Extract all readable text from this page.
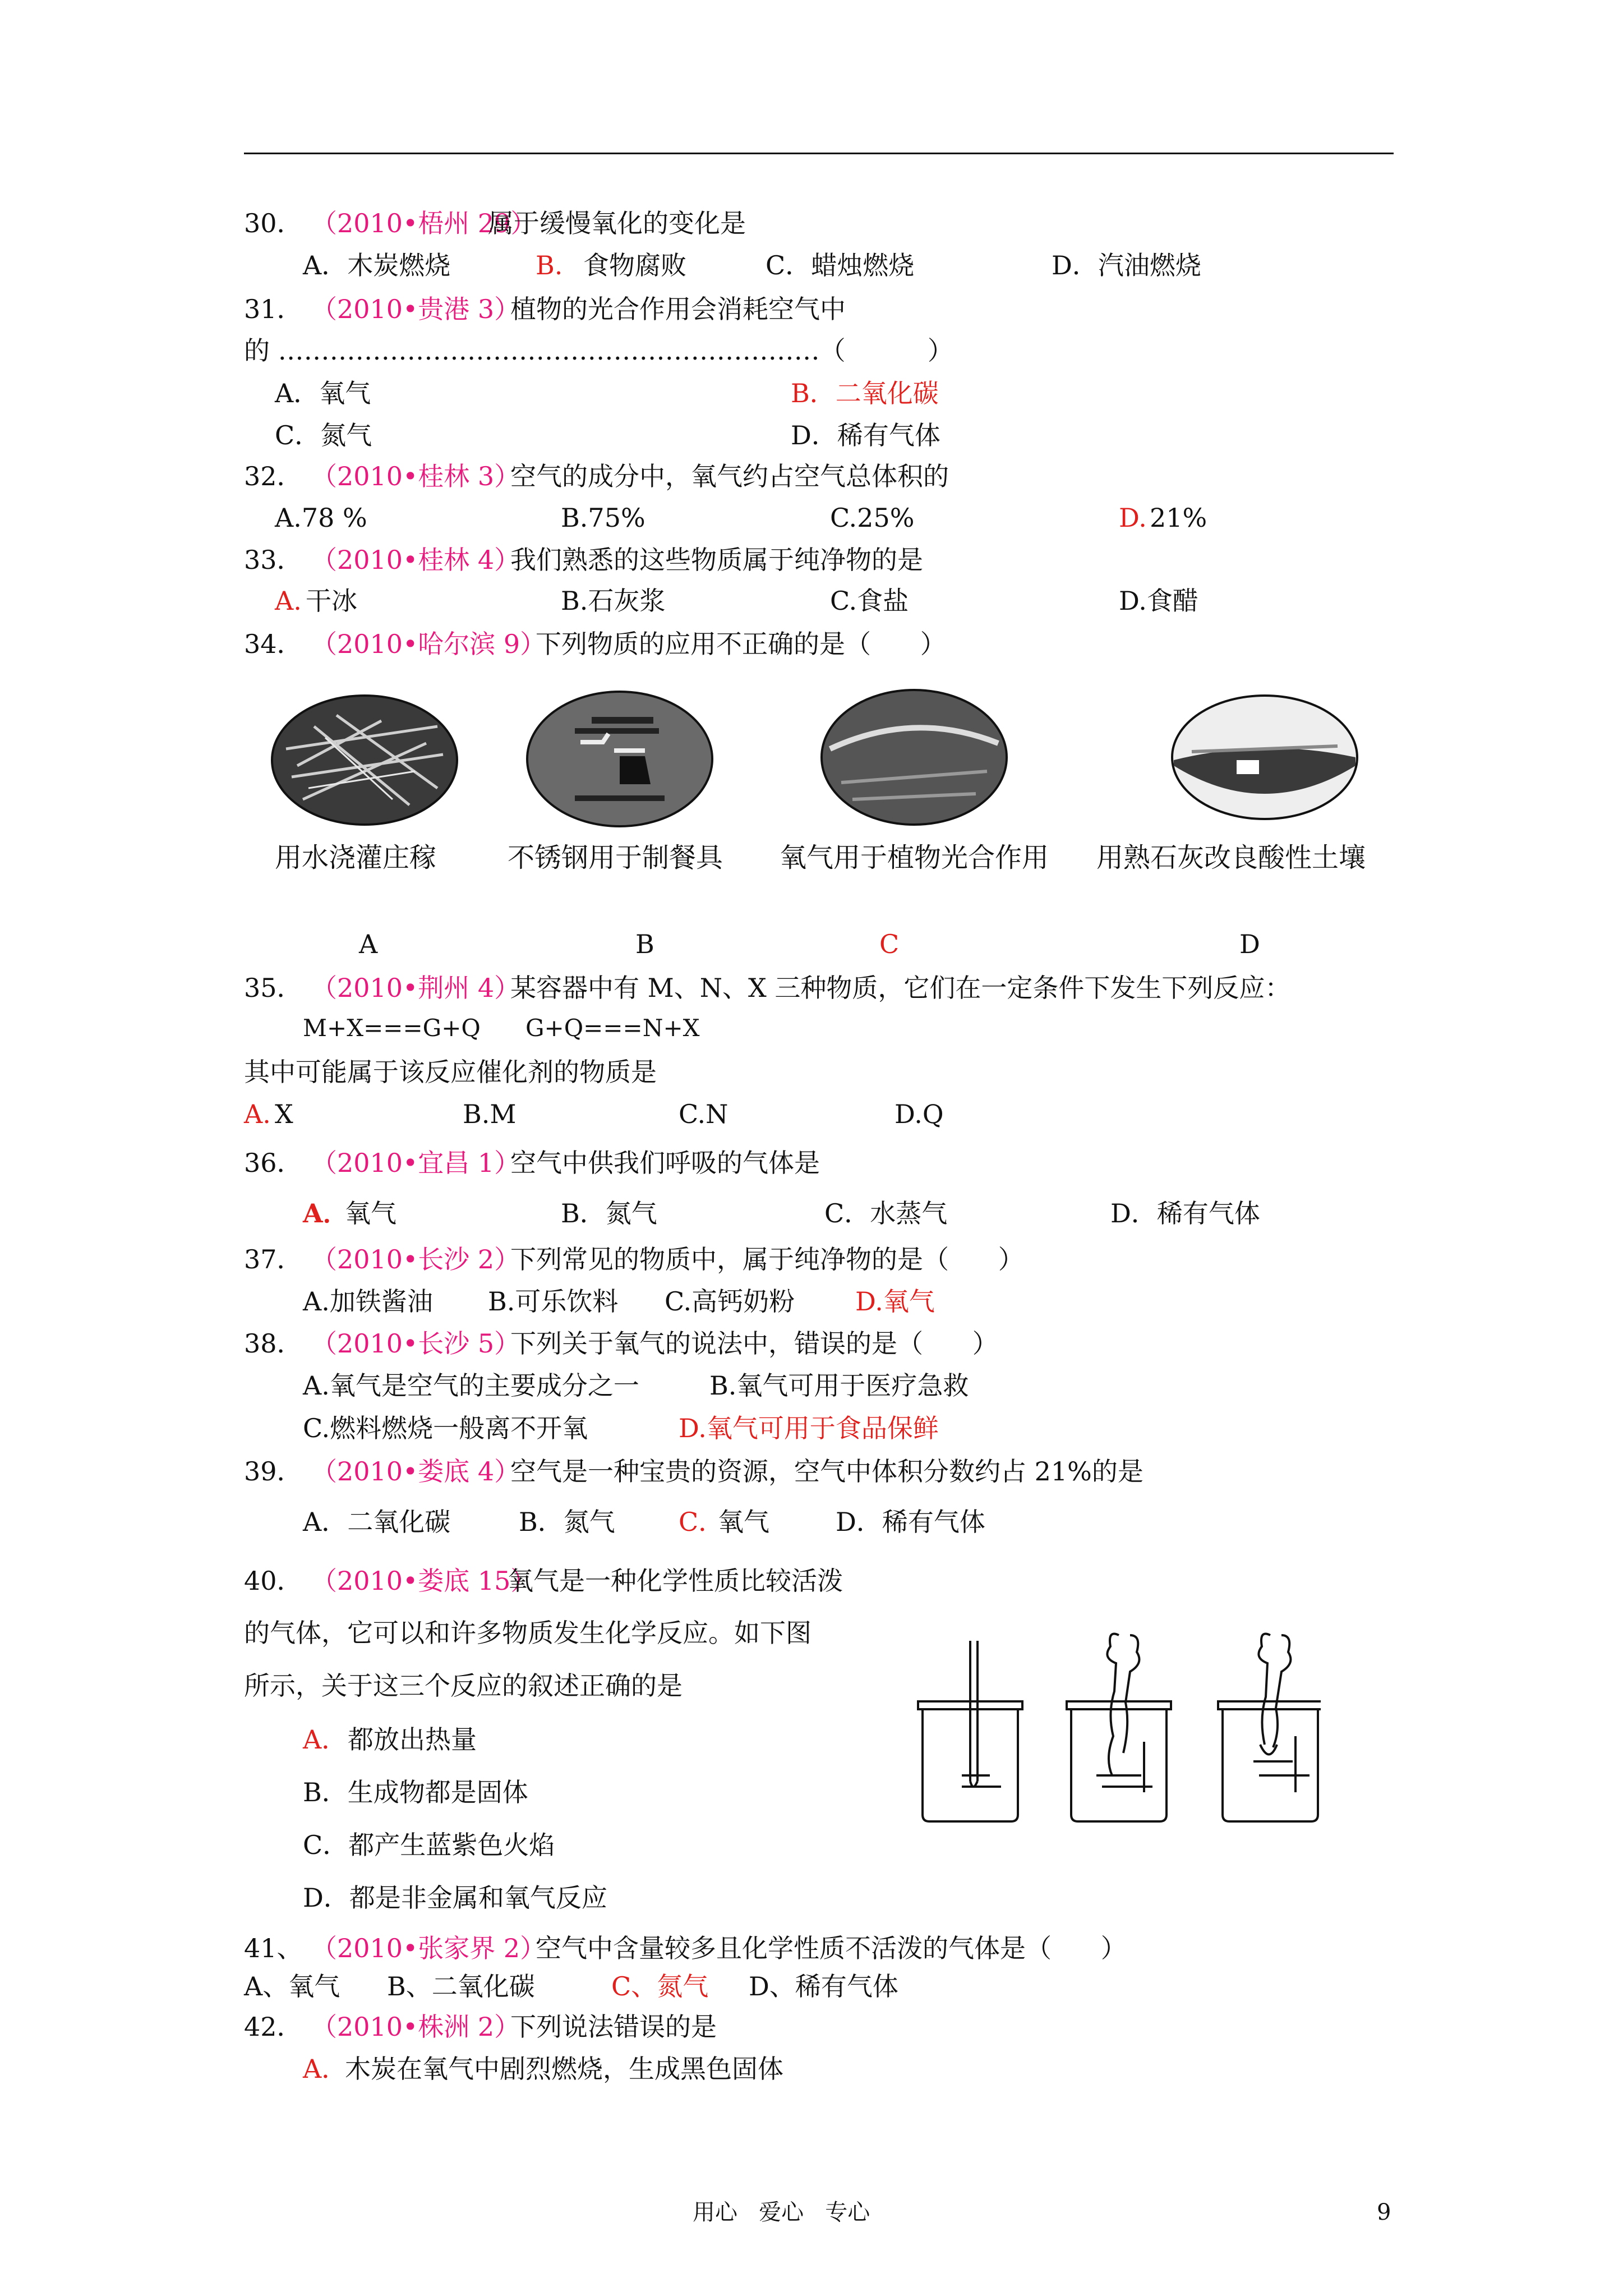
30． （2010•梧州 29）
属于缓慢氧化的变化是
A．木炭燃烧	B. 食物腐败	C．蜡烛燃烧	D．汽油燃烧
31． （2010•贵港 3）
植物的光合作用会消耗空气中
的 ………………………………………………………（          ）
A．氧气	B．二氧化碳
C．氮气	D．稀有气体
32． （2010•桂林 3）
空气的成分中，氧气约占空气总体积的
A.78 %	B.75%	C.25%	D. 21%
33． （2010•桂林 4）
我们熟悉的这些物质属于纯净物的是
A. 干冰	B.石灰浆	C.食盐	D.食醋
34． （2010•哈尔滨 9）
下列物质的应用不正确的是（      ）
用水浇灌庄稼	不锈钢用于制餐具 氧气用于植物光合作用 用熟石灰改良酸性土壤
A	B	C	D
35． （2010•荆州 4）
某容器中有 M、N、X 三种物质，它们在一定条件下发生下列反应：
M+X===G+Q      G+Q===N+X
其中可能属于该反应催化剂的物质是
A. X	B.M	C.N	D.Q
36． （2010•宜昌 1）
空气中供我们呼吸的气体是
A．
氧气	B．氮气	C．水蒸气	D．稀有气体
37． （2010•长沙 2）
下列常见的物质中，属于纯净物的是（      ）
A.加铁酱油 B.可乐饮料 C.高钙奶粉 D.氧气
38． （2010•长沙 5）
下列关于氧气的说法中，错误的是（      ）
A.氧气是空气的主要成分之一	B.氧气可用于医疗急救
C.燃料燃烧一般离不开氧	D.氧气可用于食品保鲜
39． （2010•娄底 4）
空气是一种宝贵的资源，空气中体积分数约占 21%的是
A．二氧化碳	B．氮气 C．
氧气	D．稀有气体
40． （2010•娄底 15）
氧气是一种化学性质比较活泼
的气体，它可以和许多物质发生化学反应。如下图
所示，关于这三个反应的叙述正确的是
A． 都放出热量
B．生成物都是固体
C．都产生蓝紫色火焰
D．都是非金属和氧气反应
41、 （2010•张家界 2）
空气中含量较多且化学性质不活泼的气体是（      ）
A、氧气 B、二氧化碳	C、氮气 D、稀有气体
42． （2010•株洲 2）
下列说法错误的是
A．
木炭在氧气中剧烈燃烧，生成黑色固体
用心   爱心   专心	9
